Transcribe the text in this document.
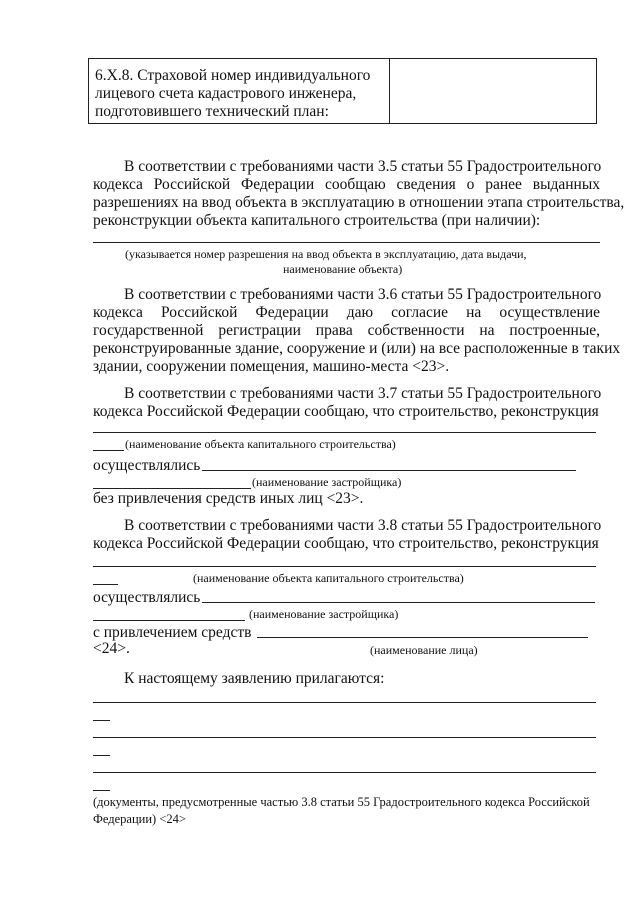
6.Х.8. Страховой номер индивидуального
лицевого счета кадастрового инженера,
подготовившего технический план:
В соответствии с требованиями части 3.5 статьи 55 Градостроительного
кодекса Российской Федерации сообщаю сведения о ранее выданных
разрешениях на ввод объекта в эксплуатацию в отношении этапа строительства,
реконструкции объекта капитального строительства (при наличии):
(указывается номер разрешения на ввод объекта в эксплуатацию, дата выдачи,
наименование объекта)
В соответствии с требованиями части 3.6 статьи 55 Градостроительного
кодекса Российской Федерации даю согласие на осуществление
государственной регистрации права собственности на построенные,
реконструированные здание, сооружение и (или) на все расположенные в таких
здании, сооружении помещения, машино-места <23>.
В соответствии с требованиями части 3.7 статьи 55 Градостроительного
кодекса Российской Федерации сообщаю, что строительство, реконструкция
(наименование объекта капитального строительства)
осуществлялись
(наименование застройщика)
без привлечения средств иных лиц <23>.
В соответствии с требованиями части 3.8 статьи 55 Градостроительного
кодекса Российской Федерации сообщаю, что строительство, реконструкция
(наименование объекта капитального строительства)
осуществлялись
(наименование застройщика)
с привлечением средств
<24>.	(наименование лица)
К настоящему заявлению прилагаются:
(документы, предусмотренные частью 3.8 статьи 55 Градостроительного кодекса Российской
Федерации) <24>
